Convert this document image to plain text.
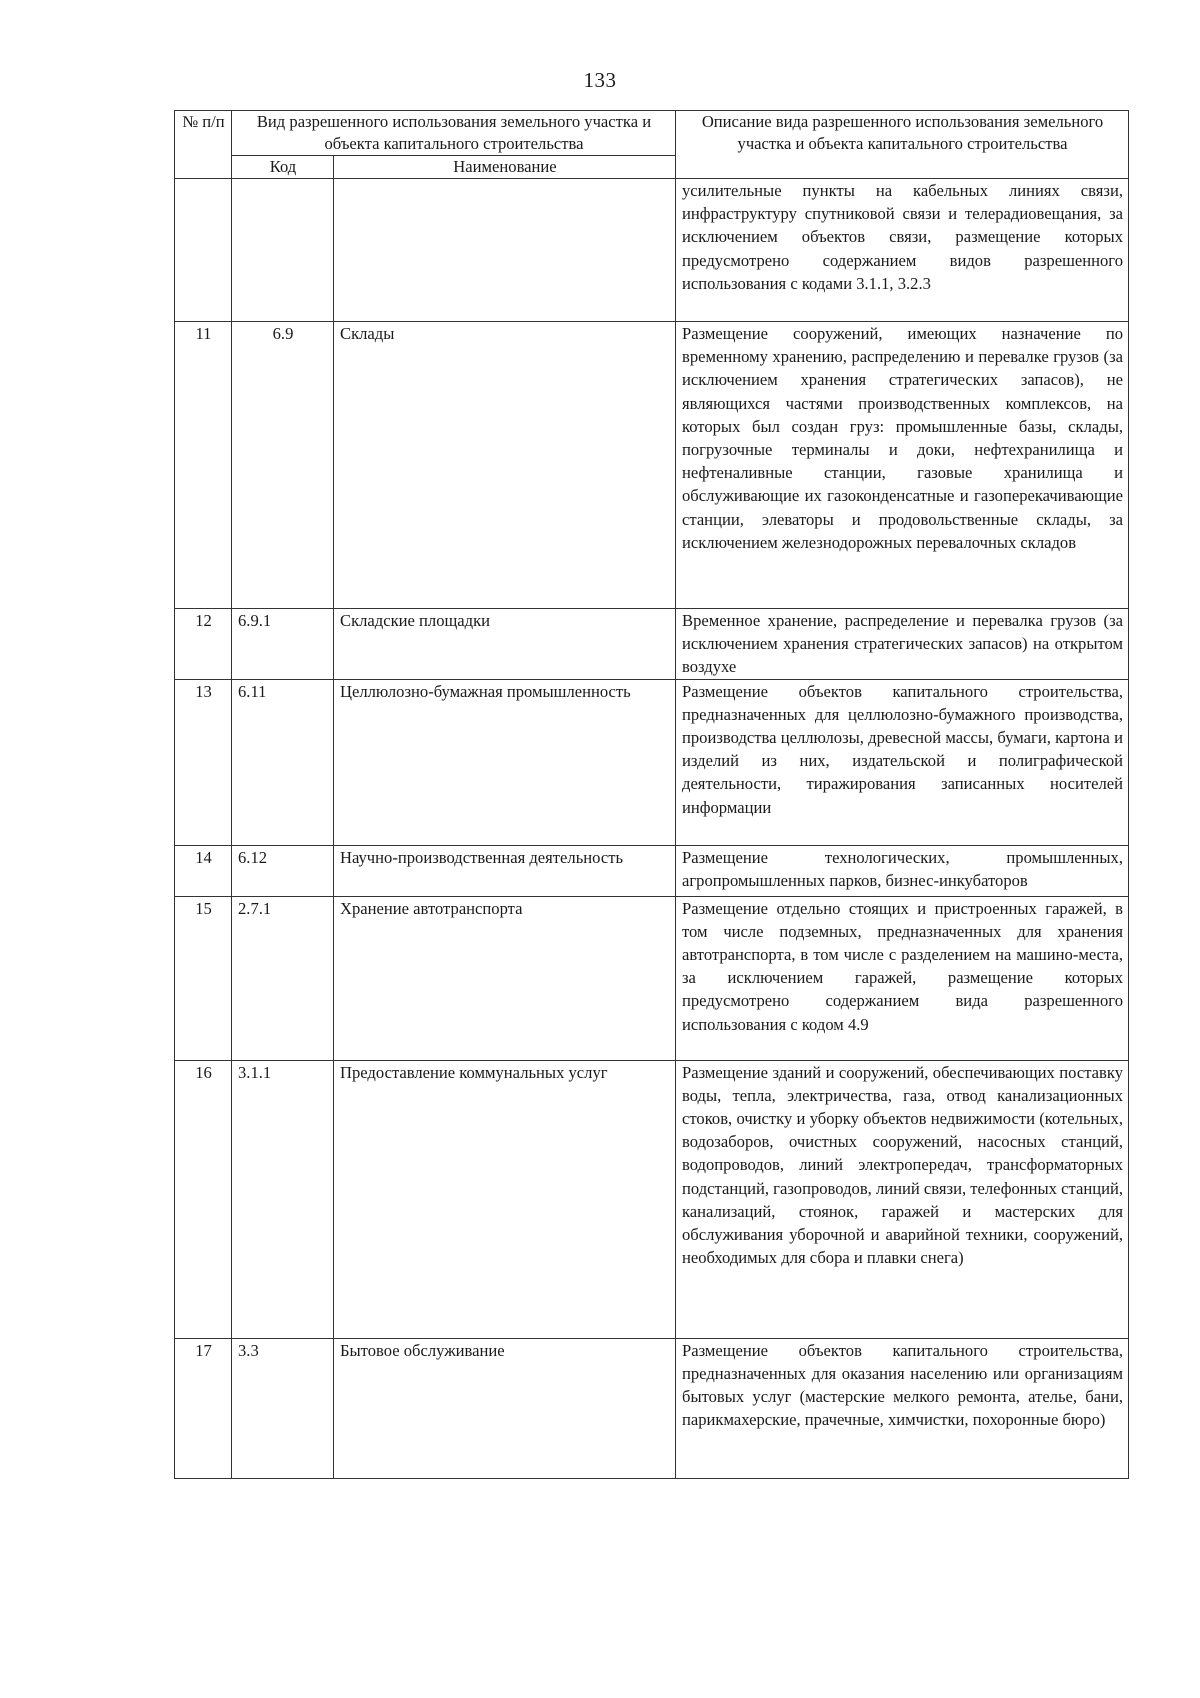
133
№ п/п	Вид разрешенного использования земельного участка и объекта капитального строительства		Описание вида разрешенного использования земельного участка и объекта капитального строительства
	Код	Наименование	
			усилительные пункты на кабельных линиях связи, инфраструктуру спутниковой связи и телерадиовещания, за исключением объектов связи, размещение которых предусмотрено содержанием видов разрешенного использования с кодами 3.1.1, 3.2.3
11	6.9	Склады	Размещение сооружений, имеющих назначение по временному хранению, распределению и перевалке грузов (за исключением хранения стратегических запасов), не являющихся частями производственных комплексов, на которых был создан груз: промышленные базы, склады, погрузочные терминалы и доки, нефтехранилища и нефтеналивные станции, газовые хранилища и обслуживающие их газоконденсатные и газоперекачивающие станции, элеваторы и продовольственные склады, за исключением железнодорожных перевалочных складов
12	6.9.1	Складские площадки	Временное хранение, распределение и перевалка грузов (за исключением хранения стратегических запасов) на открытом воздухе
13	6.11	Целлюлозно-бумажная промышленность	Размещение объектов капитального строительства, предназначенных для целлюлозно-бумажного производства, производства целлюлозы, древесной массы, бумаги, картона и изделий из них, издательской и полиграфической деятельности, тиражирования записанных носителей информации
14	6.12	Научно-производственная деятельность	Размещение технологических, промышленных, агропромышленных парков, бизнес-инкубаторов
15	2.7.1	Хранение автотранспорта	Размещение отдельно стоящих и пристроенных гаражей, в том числе подземных, предназначенных для хранения автотранспорта, в том числе с разделением на машино-места, за исключением гаражей, размещение которых предусмотрено содержанием вида разрешенного использования с кодом 4.9
16	3.1.1	Предоставление коммунальных услуг	Размещение зданий и сооружений, обеспечивающих поставку воды, тепла, электричества, газа, отвод канализационных стоков, очистку и уборку объектов недвижимости (котельных, водозаборов, очистных сооружений, насосных станций, водопроводов, линий электропередач, трансформаторных подстанций, газопроводов, линий связи, телефонных станций, канализаций, стоянок, гаражей и мастерских для обслуживания уборочной и аварийной техники, сооружений, необходимых для сбора и плавки снега)
17	3.3	Бытовое обслуживание	Размещение объектов капитального строительства, предназначенных для оказания населению или организациям бытовых услуг (мастерские мелкого ремонта, ателье, бани, парикмахерские, прачечные, химчистки, похоронные бюро)
